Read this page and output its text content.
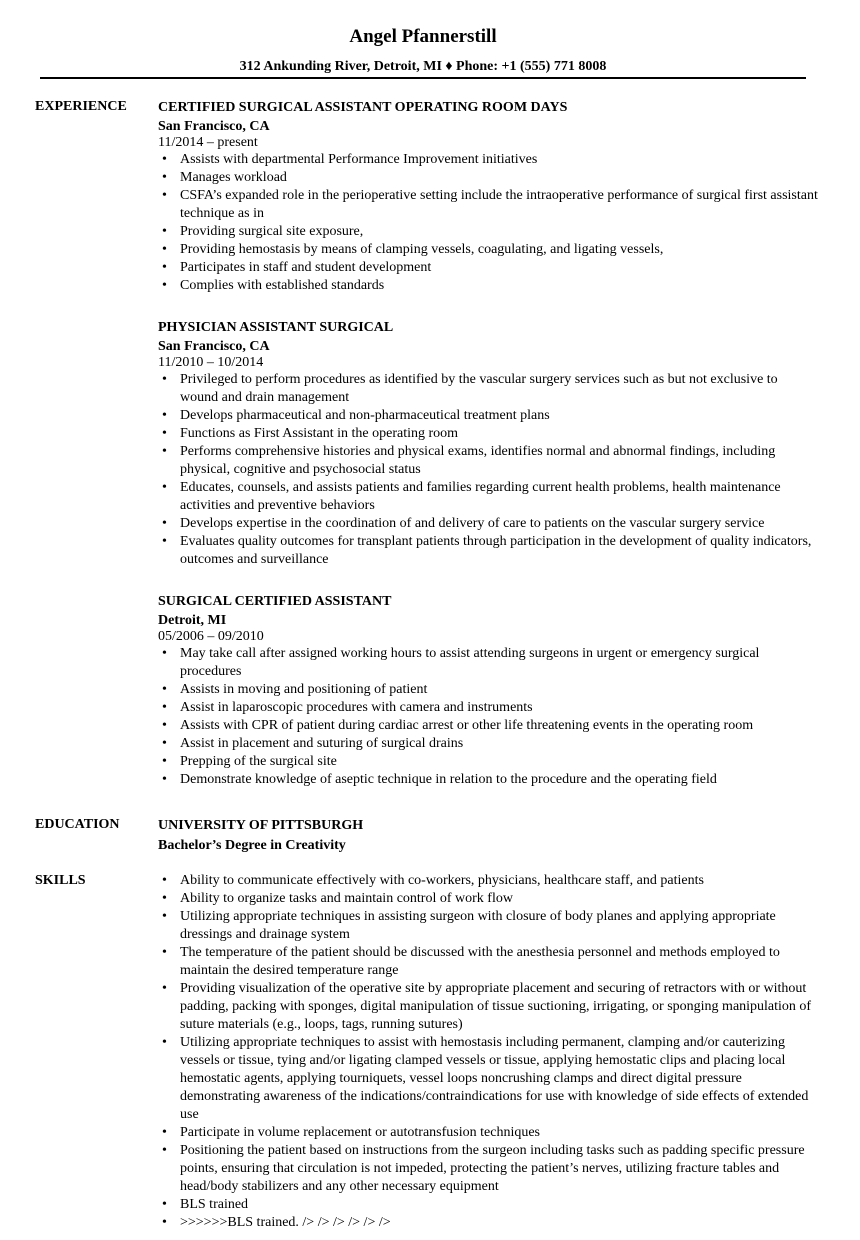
Angel Pfannerstill
312 Ankunding River, Detroit, MI ♦ Phone: +1 (555) 771 8008
EXPERIENCE CERTIFIED SURGICAL ASSISTANT OPERATING ROOM DAYS
San Francisco, CA
11/2014 – present
• Assists with departmental Performance Improvement initiatives
• Manages workload
• CSFA’s expanded role in the perioperative setting include the intraoperative performance of surgical first assistant technique as in
• Providing surgical site exposure,
• Providing hemostasis by means of clamping vessels, coagulating, and ligating vessels,
• Participates in staff and student development
• Complies with established standards
PHYSICIAN ASSISTANT SURGICAL
San Francisco, CA
11/2010 – 10/2014
• Privileged to perform procedures as identified by the vascular surgery services such as but not exclusive to wound and drain management
• Develops pharmaceutical and non-pharmaceutical treatment plans
• Functions as First Assistant in the operating room
• Performs comprehensive histories and physical exams, identifies normal and abnormal findings, including physical, cognitive and psychosocial status
• Educates, counsels, and assists patients and families regarding current health problems, health maintenance activities and preventive behaviors
• Develops expertise in the coordination of and delivery of care to patients on the vascular surgery service
• Evaluates quality outcomes for transplant patients through participation in the development of quality indicators, outcomes and surveillance
SURGICAL CERTIFIED ASSISTANT
Detroit, MI
05/2006 – 09/2010
• May take call after assigned working hours to assist attending surgeons in urgent or emergency surgical procedures
• Assists in moving and positioning of patient
• Assist in laparoscopic procedures with camera and instruments
• Assists with CPR of patient during cardiac arrest or other life threatening events in the operating room
• Assist in placement and suturing of surgical drains
• Prepping of the surgical site
• Demonstrate knowledge of aseptic technique in relation to the procedure and the operating field
EDUCATION	UNIVERSITY OF PITTSBURGH
Bachelor’s Degree in Creativity
SKILLS
•	Ability to communicate effectively with co-workers, physicians, healthcare staff, and patients
• Ability to organize tasks and maintain control of work flow
• Utilizing appropriate techniques in assisting surgeon with closure of body planes and applying appropriate dressings and drainage system
• The temperature of the patient should be discussed with the anesthesia personnel and methods employed to maintain the desired temperature range
• Providing visualization of the operative site by appropriate placement and securing of retractors with or without padding, packing with sponges, digital manipulation of tissue suctioning, irrigating, or sponging manipulation of suture materials (e.g., loops, tags, running sutures)
• Utilizing appropriate techniques to assist with hemostasis including permanent, clamping and/or cauterizing vessels or tissue, tying and/or ligating clamped vessels or tissue, applying hemostatic clips and placing local hemostatic agents, applying tourniquets, vessel loops noncrushing clamps and direct digital pressure demonstrating awareness of the indications/contraindications for use with knowledge of side effects of extended use
• Participate in volume replacement or autotransfusion techniques
• Positioning the patient based on instructions from the surgeon including tasks such as padding specific pressure points, ensuring that circulation is not impeded, protecting the patient’s nerves, utilizing fracture tables and head/body stabilizers and any other necessary equipment
• BLS trained
• >>>>>>BLS trained. /> /> /> /> /> />
